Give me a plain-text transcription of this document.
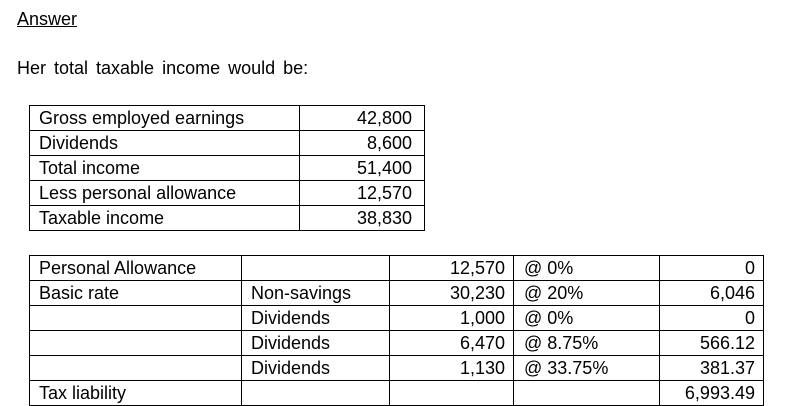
Answer
Her total taxable income would be:
Gross employed earnings	42,800
Dividends	8,600
Total income	51,400
Less personal allowance	12,570
Taxable income	38,830
Personal Allowance		12,570	@ 0%	0
Basic rate	Non-savings	30,230	@ 20%	6,046
	Dividends	1,000	@ 0%	0
	Dividends	6,470	@ 8.75%	566.12
	Dividends	1,130	@ 33.75%	381.37
Tax liability				6,993.49
